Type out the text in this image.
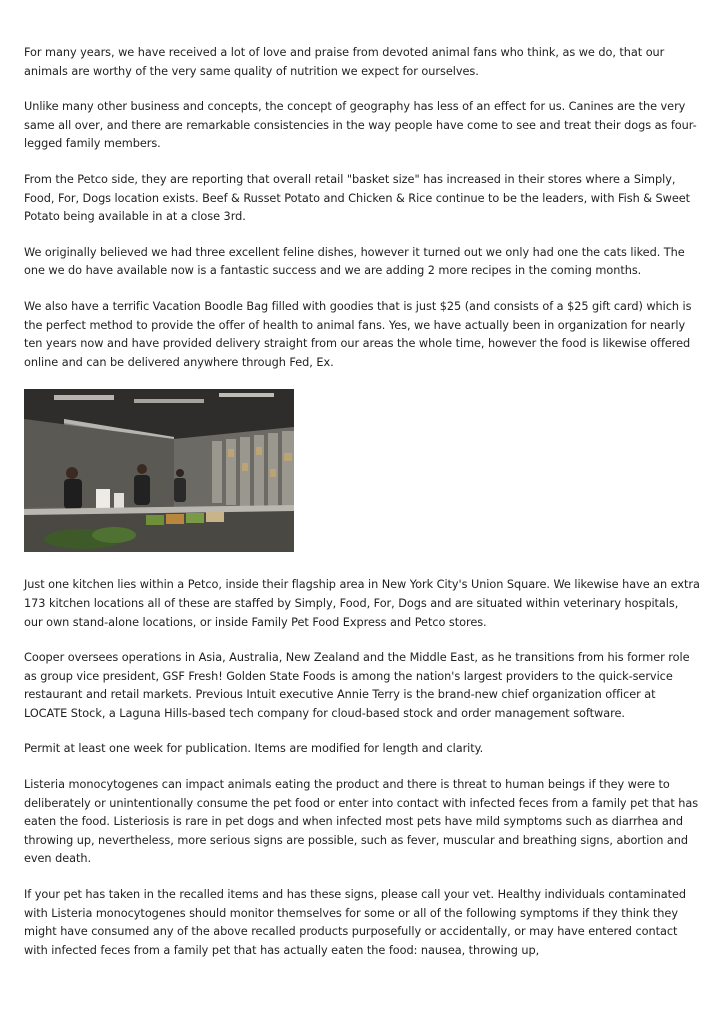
For many years, we have received a lot of love and praise from devoted animal fans who think, as we do, that our animals are worthy of the very same quality of nutrition we expect for ourselves.

Unlike many other business and concepts, the concept of geography has less of an effect for us. Canines are the very same all over, and there are remarkable consistencies in the way people have come to see and treat their dogs as four-legged family members.

From the Petco side, they are reporting that overall retail "basket size" has increased in their stores where a Simply, Food, For, Dogs location exists. Beef & Russet Potato and Chicken & Rice continue to be the leaders, with Fish & Sweet Potato being available in at a close 3rd.

We originally believed we had three excellent feline dishes, however it turned out we only had one the cats liked. The one we do have available now is a fantastic success and we are adding 2 more recipes in the coming months.

We also have a terrific Vacation Boodle Bag filled with goodies that is just $25 (and consists of a $25 gift card) which is the perfect method to provide the offer of health to animal fans. Yes, we have actually been in organization for nearly ten years now and have provided delivery straight from our areas the whole time, however the food is likewise offered online and can be delivered anywhere through Fed, Ex.

Just one kitchen lies within a Petco, inside their flagship area in New York City's Union Square. We likewise have an extra 173 kitchen locations all of these are staffed by Simply, Food, For, Dogs and are situated within veterinary hospitals, our own stand-alone locations, or inside Family Pet Food Express and Petco stores.

Cooper oversees operations in Asia, Australia, New Zealand and the Middle East, as he transitions from his former role as group vice president, GSF Fresh! Golden State Foods is among the nation's largest providers to the quick-service restaurant and retail markets. Previous Intuit executive Annie Terry is the brand-new chief organization officer at LOCATE Stock, a Laguna Hills-based tech company for cloud-based stock and order management software.

Permit at least one week for publication. Items are modified for length and clarity.

Listeria monocytogenes can impact animals eating the product and there is threat to human beings if they were to deliberately or unintentionally consume the pet food or enter into contact with infected feces from a family pet that has eaten the food. Listeriosis is rare in pet dogs and when infected most pets have mild symptoms such as diarrhea and throwing up, nevertheless, more serious signs are possible, such as fever, muscular and breathing signs, abortion and even death.

If your pet has taken in the recalled items and has these signs, please call your vet. Healthy individuals contaminated with Listeria monocytogenes should monitor themselves for some or all of the following symptoms if they think they might have consumed any of the above recalled products purposefully or accidentally, or may have entered contact with infected feces from a family pet that has actually eaten the food: nausea, throwing up,
